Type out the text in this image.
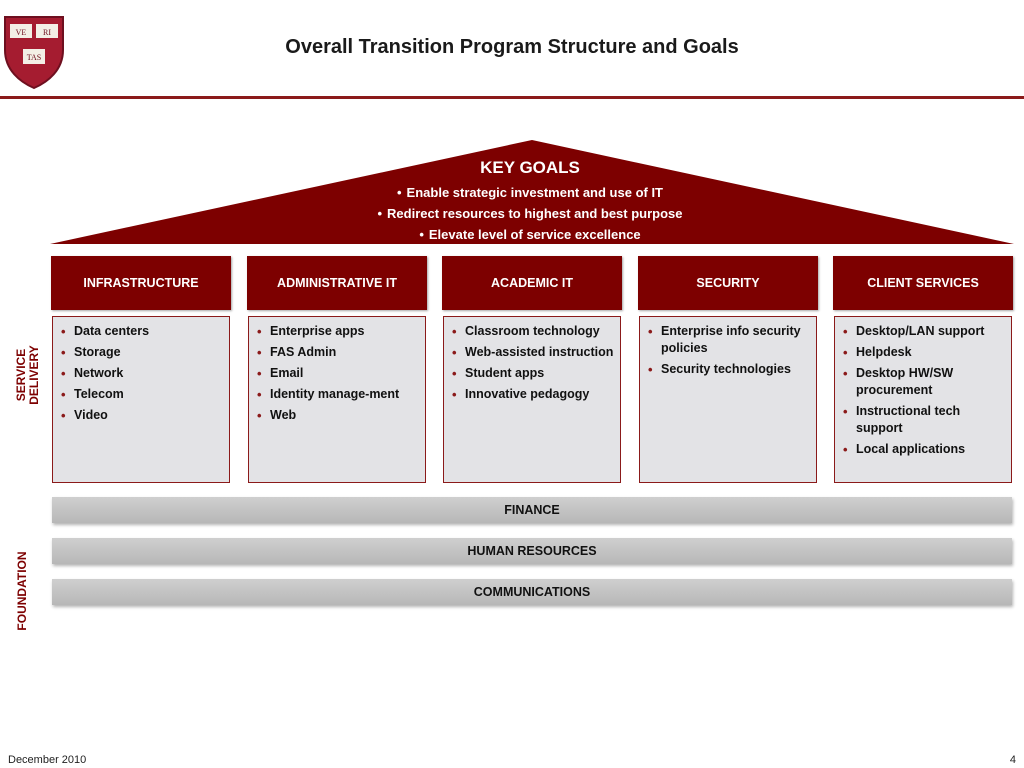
VE RI
TAS	Overall Transition Program Structure and Goals
KEY GOALS
• Enable strategic investment and use of IT
• Redirect resources to highest and best purpose
• Elevate level of service excellence
SERVICE DELIVERY
FOUNDATION
INFRASTRUCTURE
• Data centers
• Storage
• Network
• Telecom
• Video
ADMINISTRATIVE IT
• Enterprise apps
• FAS Admin
• Email
• Identity manage-ment
• Web
ACADEMIC IT
• Classroom technology
• Web-assisted instruction
• Student apps
• Innovative pedagogy
SECURITY
• Enterprise info security policies
• Security technologies
CLIENT SERVICES
• Desktop/LAN support
• Helpdesk
• Desktop HW/SW procurement
• Instructional tech support
• Local applications
FINANCE
HUMAN RESOURCES
COMMUNICATIONS
December 2010	4
